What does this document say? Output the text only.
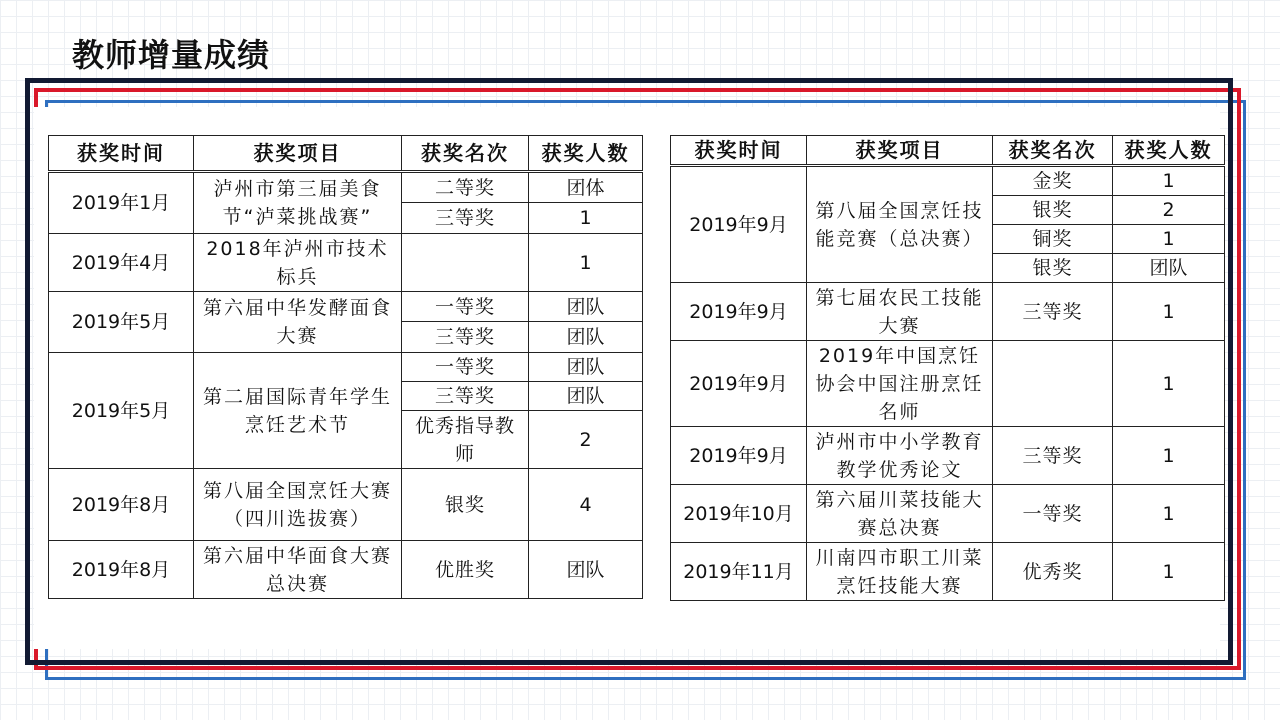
教师增量成绩
获奖时间	获奖项目	获奖名次	获奖人数
2019年1月	泸州市第三届美食节“泸菜挑战赛”	二等奖	团体
		三等奖	1
2019年4月	2018年泸州市技术标兵		1
2019年5月	第六届中华发酵面食大赛	一等奖	团队
		三等奖	团队
2019年5月	第二届国际青年学生烹饪艺术节	一等奖	团队
		三等奖	团队
		优秀指导教师	2
2019年8月	第八届全国烹饪大赛（四川选拔赛）	银奖	4
2019年8月	第六届中华面食大赛总决赛	优胜奖	团队
获奖时间	获奖项目	获奖名次	获奖人数
2019年9月	第八届全国烹饪技能竞赛（总决赛）	金奖	1
		银奖	2
		铜奖	1
		银奖	团队
2019年9月	第七届农民工技能大赛	三等奖	1
2019年9月	2019年中国烹饪协会中国注册烹饪名师		1
2019年9月	泸州市中小学教育教学优秀论文	三等奖	1
2019年10月	第六届川菜技能大赛总决赛	一等奖	1
2019年11月	川南四市职工川菜烹饪技能大赛	优秀奖	1
